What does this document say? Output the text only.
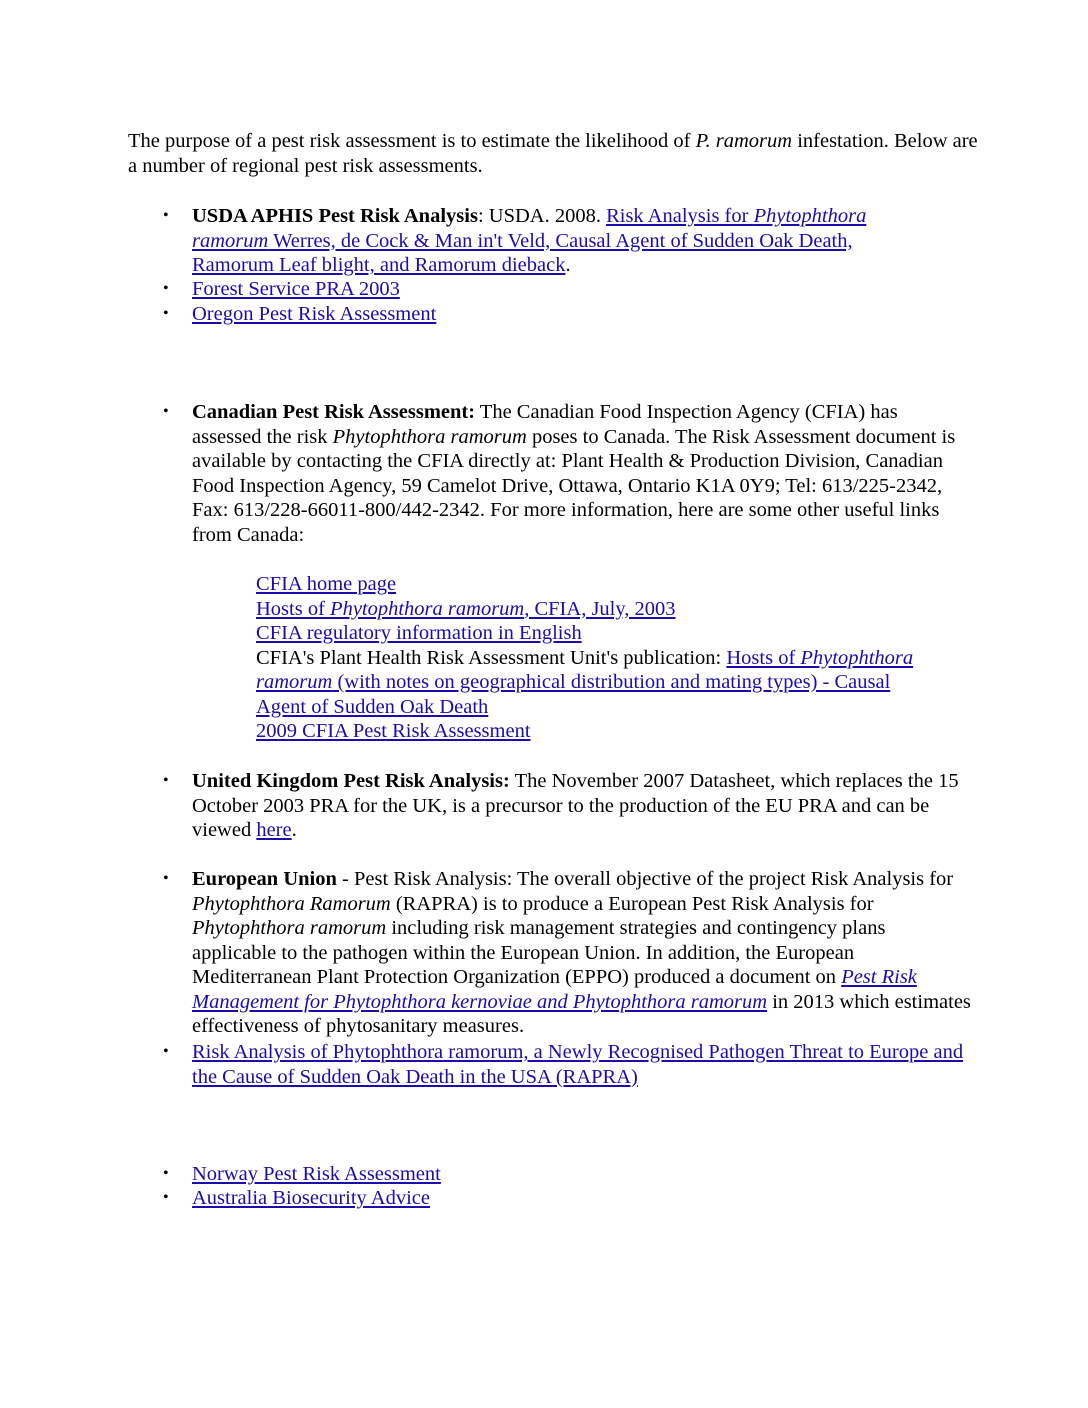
The purpose of a pest risk assessment is to estimate the likelihood of P. ramorum infestation. Below are a number of regional pest risk assessments.

•

USDA APHIS Pest Risk Analysis: USDA. 2008. Risk Analysis for Phytophthora ramorum Werres, de Cock & Man in't Veld, Causal Agent of Sudden Oak Death, Ramorum Leaf blight, and Ramorum dieback.

•

Forest Service PRA 2003

•

Oregon Pest Risk Assessment

•

Canadian Pest Risk Assessment: The Canadian Food Inspection Agency (CFIA) has assessed the risk Phytophthora ramorum poses to Canada. The Risk Assessment document is available by contacting the CFIA directly at: Plant Health & Production Division, Canadian Food Inspection Agency, 59 Camelot Drive, Ottawa, Ontario K1A 0Y9; Tel: 613/225-2342, Fax: 613/228-66011-800/442-2342. For more information, here are some other useful links from Canada:

CFIA home page
Hosts of Phytophthora ramorum, CFIA, July, 2003
CFIA regulatory information in English

CFIA's Plant Health Risk Assessment Unit's publication: Hosts of Phytophthora ramorum (with notes on geographical distribution and mating types) - Causal Agent of Sudden Oak Death

2009 CFIA Pest Risk Assessment
•

United Kingdom Pest Risk Analysis: The November 2007 Datasheet, which replaces the 15 October 2003 PRA for the UK, is a precursor to the production of the EU PRA and can be viewed here.

•

European Union - Pest Risk Analysis: The overall objective of the project Risk Analysis for Phytophthora Ramorum (RAPRA) is to produce a European Pest Risk Analysis for Phytophthora ramorum including risk management strategies and contingency plans applicable to the pathogen within the European Union. In addition, the European Mediterranean Plant Protection Organization (EPPO) produced a document on Pest Risk Management for Phytophthora kernoviae and Phytophthora ramorum in 2013 which estimates effectiveness of phytosanitary measures.

•

Risk Analysis of Phytophthora ramorum, a Newly Recognised Pathogen Threat to Europe and the Cause of Sudden Oak Death in the USA (RAPRA)

•

Norway Pest Risk Assessment

•

Australia Biosecurity Advice
